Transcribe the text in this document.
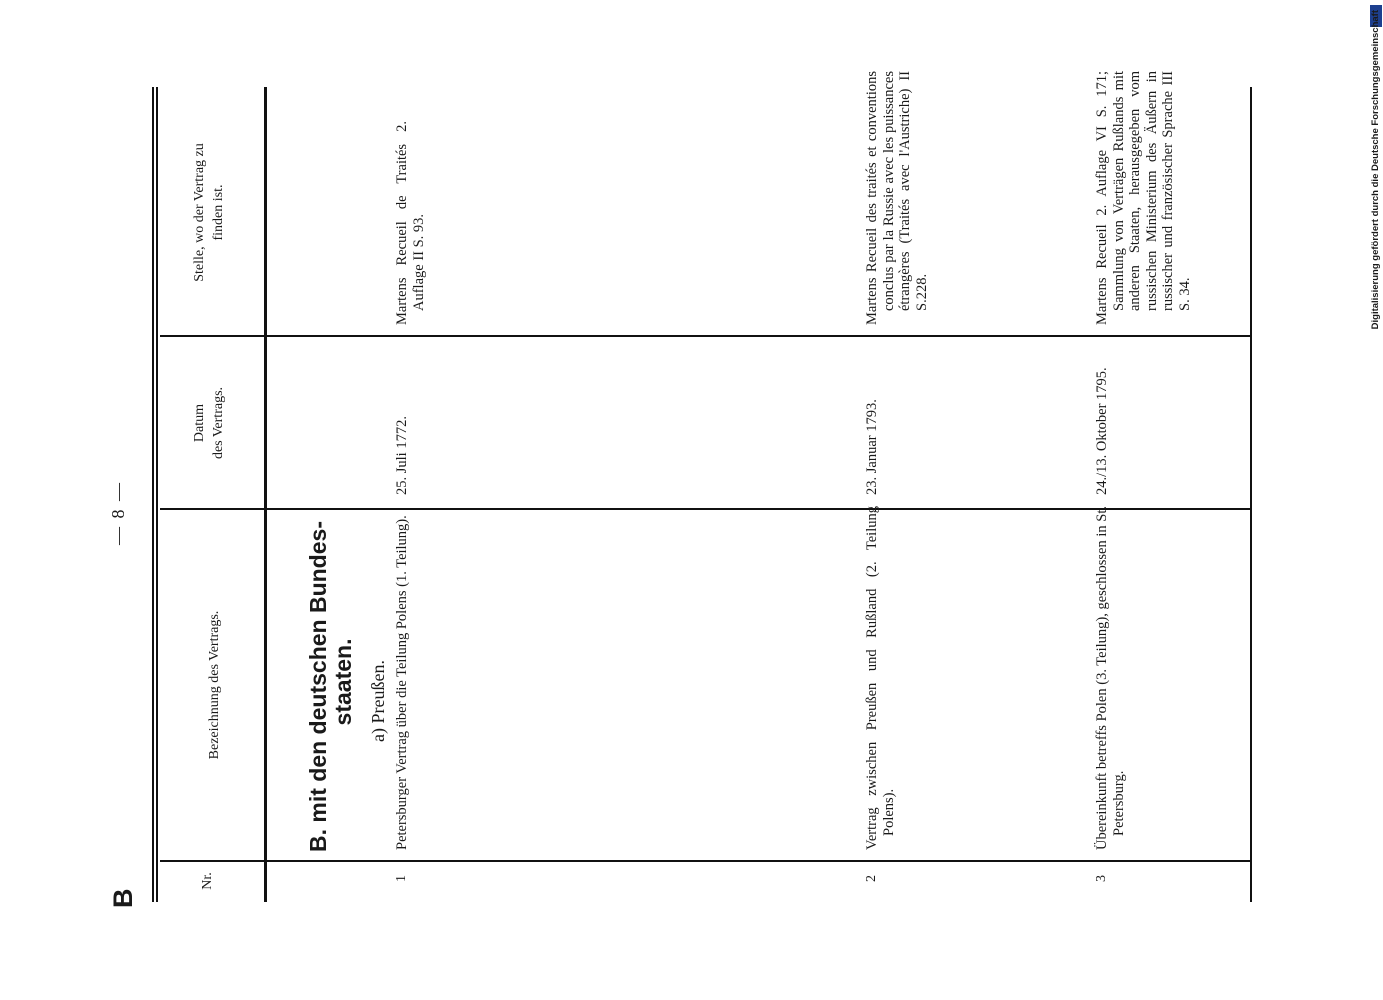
B
— 8 —
Nr.
Bezeichnung des Vertrags.
Datum des Vertrags.
Stelle, wo der Vertrag zu finden ist.
B. mit den deutschen Bundes- staaten. a) Preußen.
1
Petersburger Vertrag über die Teilung Polens (1. Teilung).
25. Juli 1772.
Martens Recueil de Traités 2. Auflage II S. 93.
2
Vertrag zwischen Preußen und Rußland (2. Teilung Polens).
23. Januar 1793.
Martens Recueil des traités et conventions conclus par la Russie avec les puissances étrangères (Traités avec l'Austriche) II S.228.
3
Übereinkunft betreffs Polen (3. Teilung), geschlossen in St. Petersburg.
24./13. Oktober 1795.
Martens Recueil 2. Auflage VI S. 171; Sammlung von Verträgen Rußlands mit anderen Staaten, herausgegeben vom russischen Ministerium des Äußern in russischer und französischer Sprache III S. 34.	Digitalisierung gefördert durch die Deutsche Forschungsgemeinschaft
